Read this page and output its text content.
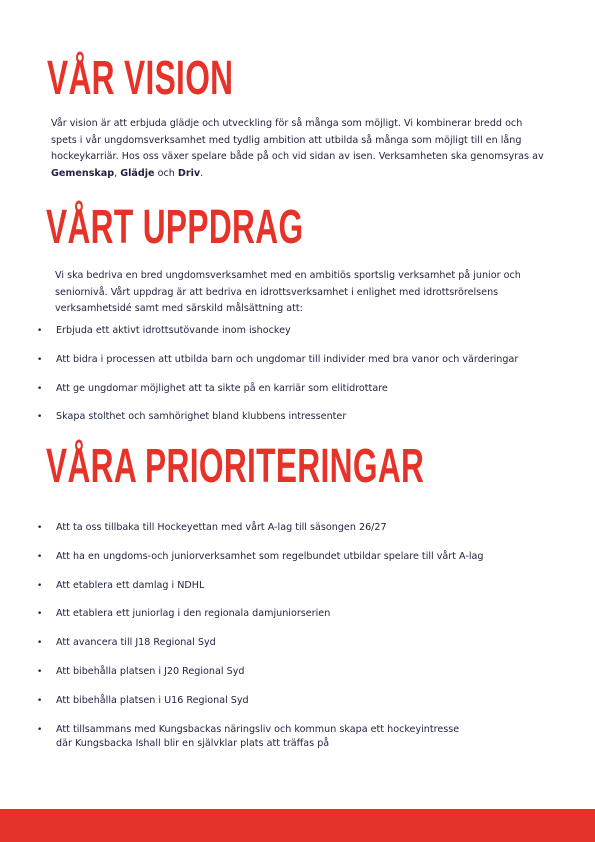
VÅR VISION

Vår vision är att erbjuda glädje och utveckling för så många som möjligt. Vi kombinerar bredd och spets i vår ungdomsverksamhet med tydlig ambition att utbilda så många som möjligt till en lång hockeykarriär. Hos oss växer spelare både på och vid sidan av isen. Verksamheten ska genomsyras av Gemenskap, Glädje och Driv.

VÅRT UPPDRAG

Vi ska bedriva en bred ungdomsverksamhet med en ambitiös sportslig verksamhet på junior och seniornivå. Vårt uppdrag är att bedriva en idrottsverksamhet i enlighet med idrottsrörelsens verksamhetsidé samt med särskild målsättning att:

• Erbjuda ett aktivt idrottsutövande inom ishockey
• Att bidra i processen att utbilda barn och ungdomar till individer med bra vanor och värderingar
• Att ge ungdomar möjlighet att ta sikte på en karriär som elitidrottare
• Skapa stolthet och samhörighet bland klubbens intressenter
VÅRA PRIORITERINGAR
• Att ta oss tillbaka till Hockeyettan med vårt A-lag till säsongen 26/27
• Att ha en ungdoms-och juniorverksamhet som regelbundet utbildar spelare till vårt A-lag
• Att etablera ett damlag i NDHL
• Att etablera ett juniorlag i den regionala damjuniorserien
• Att avancera till J18 Regional Syd
• Att bibehålla platsen i J20 Regional Syd
• Att bibehålla platsen i U16 Regional Syd
• Att tillsammans med Kungsbackas näringsliv och kommun skapa ett hockeyintresse
där Kungsbacka Ishall blir en självklar plats att träffas på
